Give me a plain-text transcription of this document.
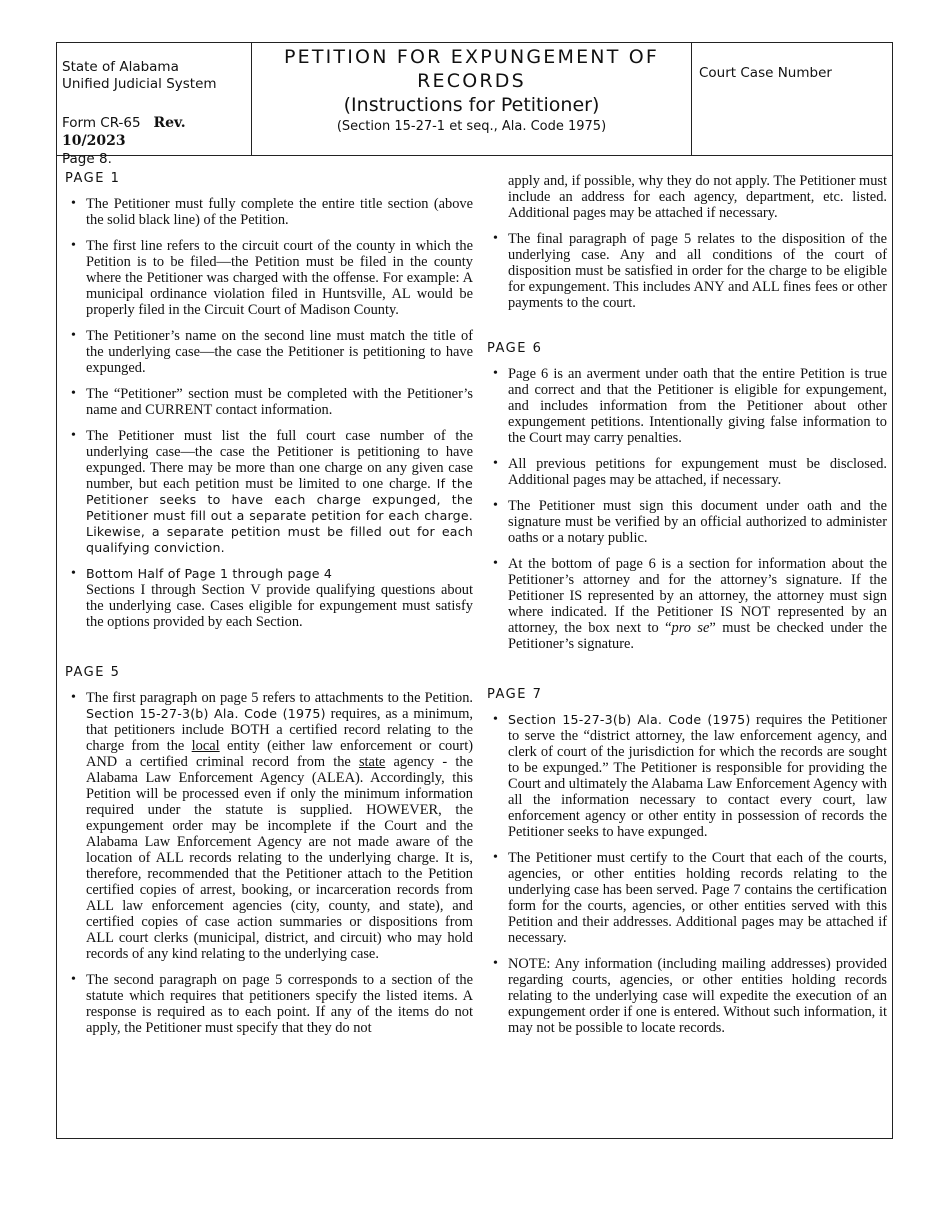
State of Alabama
Unified Judicial System
Form CR-65 Rev. 10/2023
Page 8.
PETITION FOR EXPUNGEMENT OF
RECORDS
(Instructions for Petitioner)
(Section 15-27-1 et seq., Ala. Code 1975)
Court Case Number
PAGE 1
• The Petitioner must fully complete the entire title section (above the solid black line) of the Petition.
• The first line refers to the circuit court of the county in which the Petition is to be filed—the Petition must be filed in the county where the Petitioner was charged with the offense. For example: A municipal ordinance violation filed in Huntsville, AL would be properly filed in the Circuit Court of Madison County.
• The Petitioner’s name on the second line must match the title of the underlying case—the case the Petitioner is petitioning to have expunged.
• The “Petitioner” section must be completed with the Petitioner’s name and CURRENT contact information.
• The Petitioner must list the full court case number of the underlying case—the case the Petitioner is petitioning to have expunged. There may be more than one charge on any given case number, but each petition must be limited to one charge. If the Petitioner seeks to have each charge expunged, the Petitioner must fill out a separate petition for each charge. Likewise, a separate petition must be filled out for each qualifying conviction.
• Bottom Half of Page 1 through page 4
Sections I through Section V provide qualifying questions about the underlying case. Cases eligible for expungement must satisfy the options provided by each Section.
PAGE 5
• The first paragraph on page 5 refers to attachments to the Petition. Section 15-27-3(b) Ala. Code (1975) requires, as a minimum, that petitioners include BOTH a certified record relating to the charge from the local entity (either law enforcement or court) AND a certified criminal record from the state agency - the Alabama Law Enforcement Agency (ALEA). Accordingly, this Petition will be processed even if only the minimum information required under the statute is supplied. HOWEVER, the expungement order may be incomplete if the Court and the Alabama Law Enforcement Agency are not made aware of the location of ALL records relating to the underlying charge. It is, therefore, recommended that the Petitioner attach to the Petition certified copies of arrest, booking, or incarceration records from ALL law enforcement agencies (city, county, and state), and certified copies of case action summaries or dispositions from ALL court clerks (municipal, district, and circuit) who may hold records of any kind relating to the underlying case.
• The second paragraph on page 5 corresponds to a section of the statute which requires that petitioners specify the listed items. A response is required as to each point. If any of the items do not apply, the Petitioner must specify that they do not
apply and, if possible, why they do not apply. The Petitioner must include an address for each agency, department, etc. listed. Additional pages may be attached if necessary.
• The final paragraph of page 5 relates to the disposition of the underlying case. Any and all conditions of the court of disposition must be satisfied in order for the charge to be eligible for expungement. This includes ANY and ALL fines fees or other payments to the court.
PAGE 6
• Page 6 is an averment under oath that the entire Petition is true and correct and that the Petitioner is eligible for expungement, and includes information from the Petitioner about other expungement petitions. Intentionally giving false information to the Court may carry penalties.
• All previous petitions for expungement must be disclosed. Additional pages may be attached, if necessary.
• The Petitioner must sign this document under oath and the signature must be verified by an official authorized to administer oaths or a notary public.
• At the bottom of page 6 is a section for information about the Petitioner’s attorney and for the attorney’s signature. If the Petitioner IS represented by an attorney, the attorney must sign where indicated. If the Petitioner IS NOT represented by an attorney, the box next to “pro se” must be checked under the Petitioner’s signature.
PAGE 7
• Section 15-27-3(b) Ala. Code (1975) requires the Petitioner to serve the “district attorney, the law enforcement agency, and clerk of court of the jurisdiction for which the records are sought to be expunged.” The Petitioner is responsible for providing the Court and ultimately the Alabama Law Enforcement Agency with all the information necessary to contact every court, law enforcement agency or other entity in possession of records the Petitioner seeks to have expunged.
• The Petitioner must certify to the Court that each of the courts, agencies, or other entities holding records relating to the underlying case has been served. Page 7 contains the certification form for the courts, agencies, or other entities served with this Petition and their addresses. Additional pages may be attached if necessary.
• NOTE: Any information (including mailing addresses) provided regarding courts, agencies, or other entities holding records relating to the underlying case will expedite the execution of an expungement order if one is entered. Without such information, it may not be possible to locate records.
